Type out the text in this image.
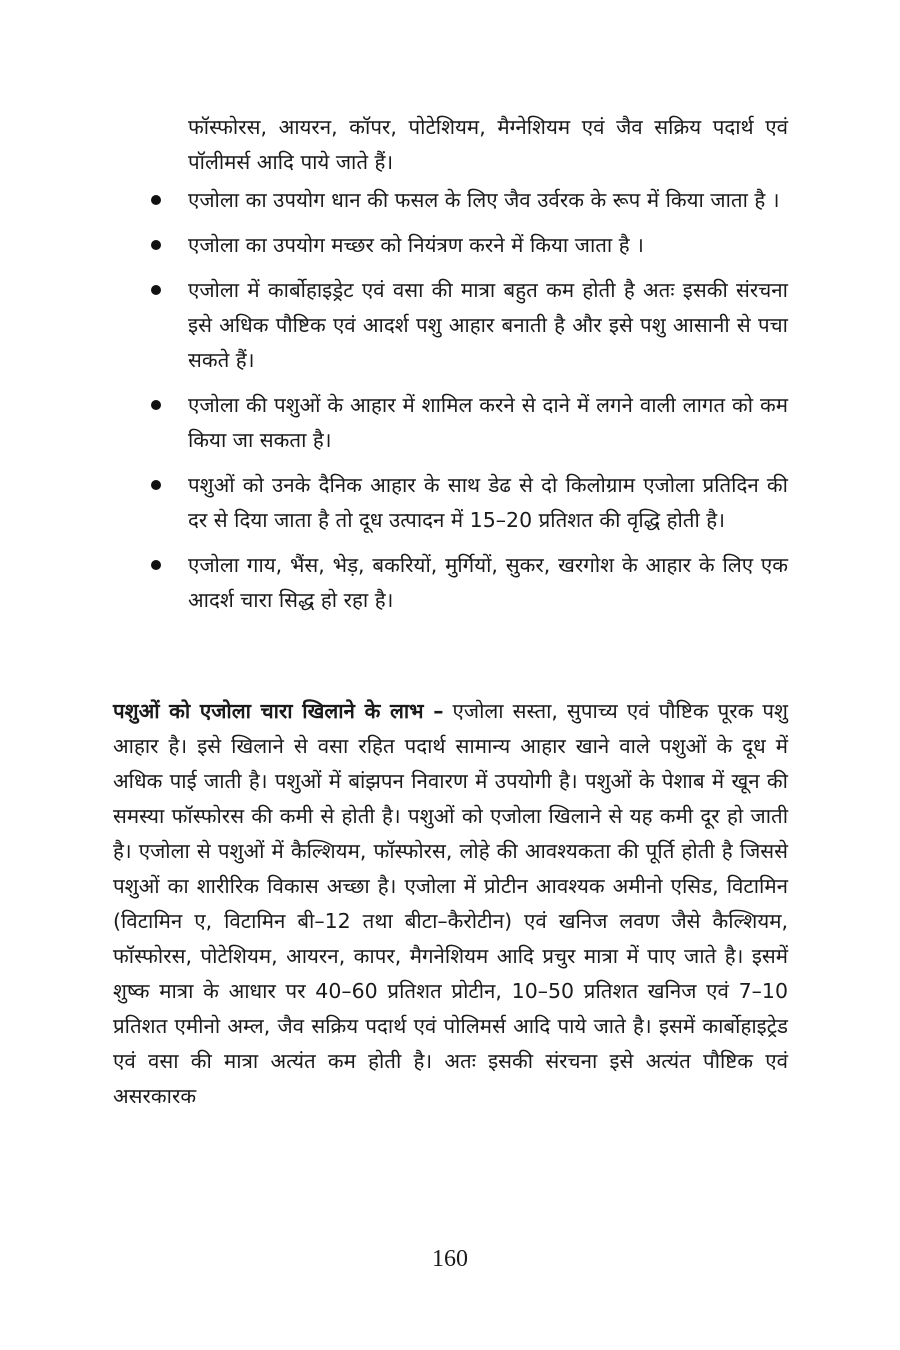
फॉस्फोरस, आयरन, कॉपर, पोटेशियम, मैग्नेशियम एवं जैव सक्रिय पदार्थ एवं पॉलीमर्स आदि पाये जाते हैं।

एजोला का उपयोग धान की फसल के लिए जैव उर्वरक के रूप में किया जाता है ।
एजोला का उपयोग मच्छर को नियंत्रण करने में किया जाता है ।
एजोला में कार्बोहाइड्रेट एवं वसा की मात्रा बहुत कम होती है अतः इसकी संरचना इसे अधिक पौष्टिक एवं आदर्श पशु आहार बनाती है और इसे पशु आसानी से पचा सकते हैं।
एजोला की पशुओं के आहार में शामिल करने से दाने में लगने वाली लागत को कम किया जा सकता है।
पशुओं को उनके दैनिक आहार के साथ डेढ से दो किलोग्राम एजोला प्रतिदिन की दर से दिया जाता है तो दूध उत्पादन में 15–20 प्रतिशत की वृद्धि होती है।
एजोला गाय, भैंस, भेड़, बकरियों, मुर्गियों, सुकर, खरगोश के आहार के लिए एक आदर्श चारा सिद्ध हो रहा है।

पशुओं को एजोला चारा खिलाने के लाभ – एजोला सस्ता, सुपाच्य एवं पौष्टिक पूरक पशु आहार है। इसे खिलाने से वसा रहित पदार्थ सामान्य आहार खाने वाले पशुओं के दूध में अधिक पाई जाती है। पशुओं में बांझपन निवारण में उपयोगी है। पशुओं के पेशाब में खून की समस्या फॉस्फोरस की कमी से होती है। पशुओं को एजोला खिलाने से यह कमी दूर हो जाती है। एजोला से पशुओं में कैल्शियम, फॉस्फोरस, लोहे की आवश्यकता की पूर्ति होती है जिससे पशुओं का शारीरिक विकास अच्छा है। एजोला में प्रोटीन आवश्यक अमीनो एसिड, विटामिन (विटामिन ए, विटामिन बी–12 तथा बीटा–कैरोटीन) एवं खनिज लवण जैसे कैल्शियम, फॉस्फोरस, पोटेशियम, आयरन, कापर, मैगनेशियम आदि प्रचुर मात्रा में पाए जाते है। इसमें शुष्क मात्रा के आधार पर 40–60 प्रतिशत प्रोटीन, 10–50 प्रतिशत खनिज एवं 7–10 प्रतिशत एमीनो अम्ल, जैव सक्रिय पदार्थ एवं पोलिमर्स आदि पाये जाते है। इसमें कार्बोहाइट्रेड एवं वसा की मात्रा अत्यंत कम होती है। अतः इसकी संरचना इसे अत्यंत पौष्टिक एवं असरकारक

160
